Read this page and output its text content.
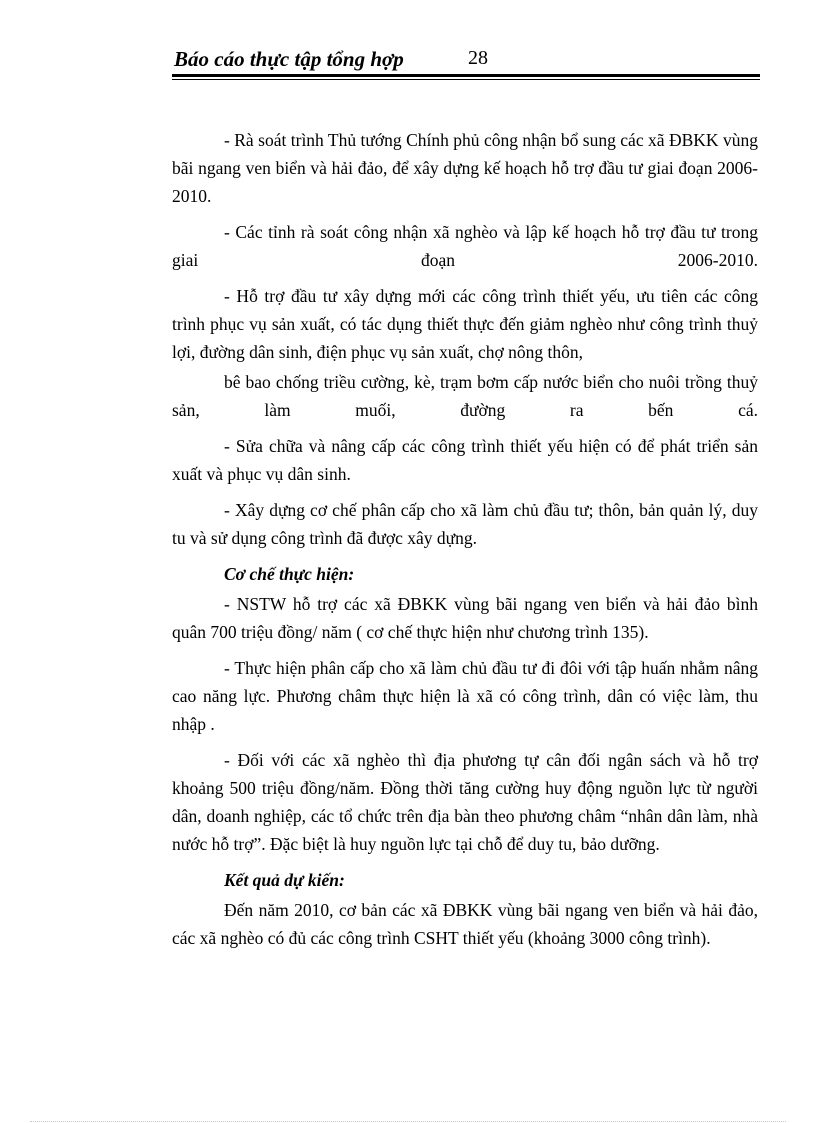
Báo cáo thực tập tổng hợp	28

- Rà soát trình Thủ tướng Chính phủ công nhận bổ sung các xã ĐBKK vùng bãi ngang ven biển và hải đảo, để xây dựng kế hoạch hỗ trợ đầu tư giai đoạn 2006-2010.

- Các tỉnh rà soát công nhận xã nghèo và lập kế hoạch hỗ trợ đầu tư trong giai đoạn 2006-2010.

- Hỗ trợ đầu tư xây dựng mới các công trình thiết yếu, ưu tiên các công trình phục vụ sản xuất, có tác dụng thiết thực đến giảm nghèo như công trình thuỷ lợi, đường dân sinh, điện phục vụ sản xuất, chợ nông thôn,

bê bao chống triều cường, kè, trạm bơm cấp nước biển cho nuôi trồng thuỷ sản, làm muối, đường ra bến cá.

- Sửa chữa và nâng cấp các công trình thiết yếu hiện có để phát triển sản xuất và phục vụ dân sinh.

- Xây dựng cơ chế phân cấp cho xã làm chủ đầu tư; thôn, bản quản lý, duy tu và sử dụng công trình đã được xây dựng.

Cơ chế thực hiện:

- NSTW hỗ trợ các xã ĐBKK vùng bãi ngang ven biển và hải đảo bình quân 700 triệu đồng/ năm ( cơ chế thực hiện như chương trình 135).

- Thực hiện phân cấp cho xã làm chủ đầu tư đi đôi với tập huấn nhằm nâng cao năng lực. Phương châm thực hiện là xã có công trình, dân có việc làm, thu nhập .

- Đối với các xã nghèo thì địa phương tự cân đối ngân sách và hỗ trợ khoảng 500 triệu đồng/năm. Đồng thời tăng cường huy động nguồn lực từ người dân, doanh nghiệp, các tổ chức trên địa bàn theo phương châm “nhân dân làm, nhà nước hỗ trợ”. Đặc biệt là huy nguồn lực tại chỗ để duy tu, bảo dưỡng.

Kết quả dự kiến:

Đến năm 2010, cơ bản các xã ĐBKK vùng bãi ngang ven biển và hải đảo, các xã nghèo có đủ các công trình CSHT thiết yếu (khoảng 3000 công trình).
